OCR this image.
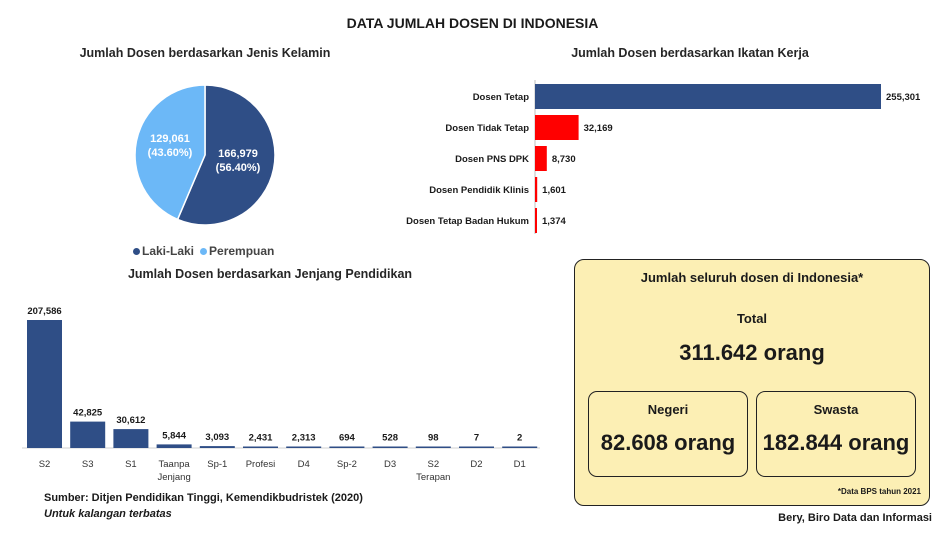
DATA JUMLAH DOSEN DI INDONESIA
Jumlah Dosen berdasarkan Jenis Kelamin
166,979
(56.40%)
129,061
(43.60%)
Laki-Laki	Perempuan
Jumlah Dosen berdasarkan Ikatan Kerja
Dosen Tetap	255,301
Dosen Tidak Tetap	32,169
Dosen PNS DPK 8,730
Dosen Pendidik Klinis 1,601
Dosen Tetap Badan Hukum 1,374
Jumlah Dosen berdasarkan Jenjang Pendidikan
207,586
S2
42,825
S3
30,612
S1
5,844
Taanpa
Jenjang
3,093
Sp-1
2,431
Profesi
2,313
D4
694
Sp-2
528
D3
98
S2
Terapan
7
D2
2
D1
Jumlah seluruh dosen di Indonesia*
Total
311.642 orang
Negeri
82.608 orang
Swasta
182.844 orang
*Data BPS tahun 2021
Sumber: Ditjen Pendidikan Tinggi, Kemendikbudristek (2020)
Untuk kalangan terbatas	Bery, Biro Data dan Informasi
